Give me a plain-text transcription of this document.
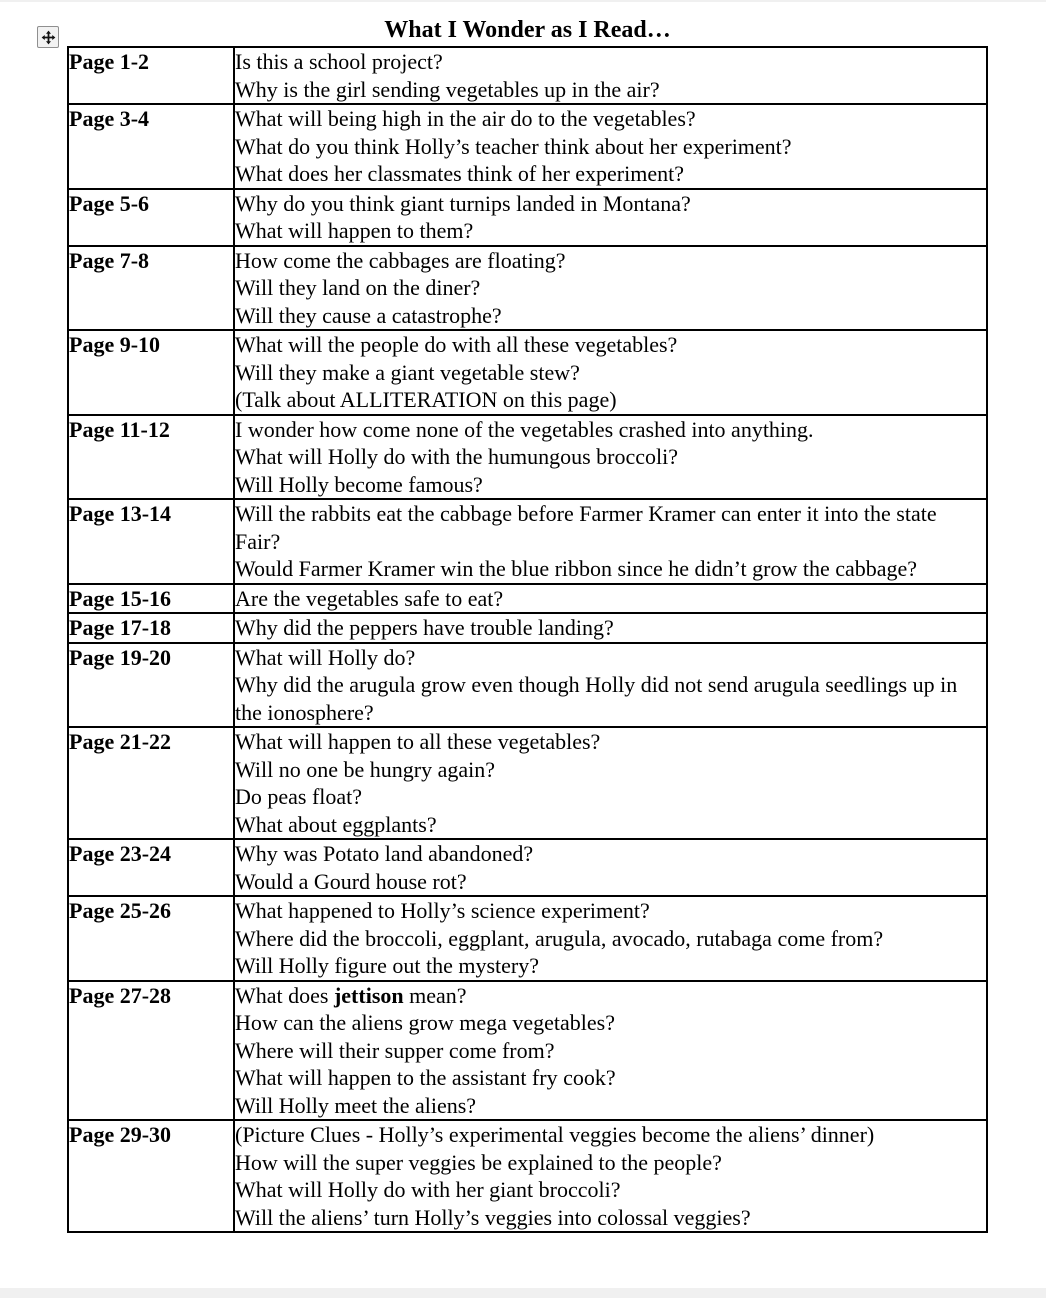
What I Wonder as I Read…
Page 1-2	Is this a school project?
Why is the girl sending vegetables up in the air?

Page 3-4	What will being high in the air do to the vegetables?
What do you think Holly’s teacher think about her experiment?
What does her classmates think of her experiment?

Page 5-6	Why do you think giant turnips landed in Montana?
What will happen to them?

Page 7-8	How come the cabbages are floating?
Will they land on the diner?
Will they cause a catastrophe?

Page 9-10	What will the people do with all these vegetables?
Will they make a giant vegetable stew?
(Talk about ALLITERATION on this page)

Page 11-12	I wonder how come none of the vegetables crashed into anything.
What will Holly do with the humungous broccoli?
Will Holly become famous?

Page 13-14	Will the rabbits eat the cabbage before Farmer Kramer can enter it into the state Fair?
Would Farmer Kramer win the blue ribbon since he didn’t grow the cabbage?

Page 15-16	Are the vegetables safe to eat?

Page 17-18	Why did the peppers have trouble landing?

Page 19-20	What will Holly do?
Why did the arugula grow even though Holly did not send arugula seedlings up in the ionosphere?

Page 21-22	What will happen to all these vegetables?
Will no one be hungry again?
Do peas float?
What about eggplants?

Page 23-24	Why was Potato land abandoned?
Would a Gourd house rot?

Page 25-26	What happened to Holly’s science experiment?
Where did the broccoli, eggplant, arugula, avocado, rutabaga come from?
Will Holly figure out the mystery?

Page 27-28	What does jettison mean?
How can the aliens grow mega vegetables?
Where will their supper come from?
What will happen to the assistant fry cook?
Will Holly meet the aliens?

Page 29-30	(Picture Clues - Holly’s experimental veggies become the aliens’ dinner)
How will the super veggies be explained to the people?
What will Holly do with her giant broccoli?
Will the aliens’ turn Holly’s veggies into colossal veggies?
